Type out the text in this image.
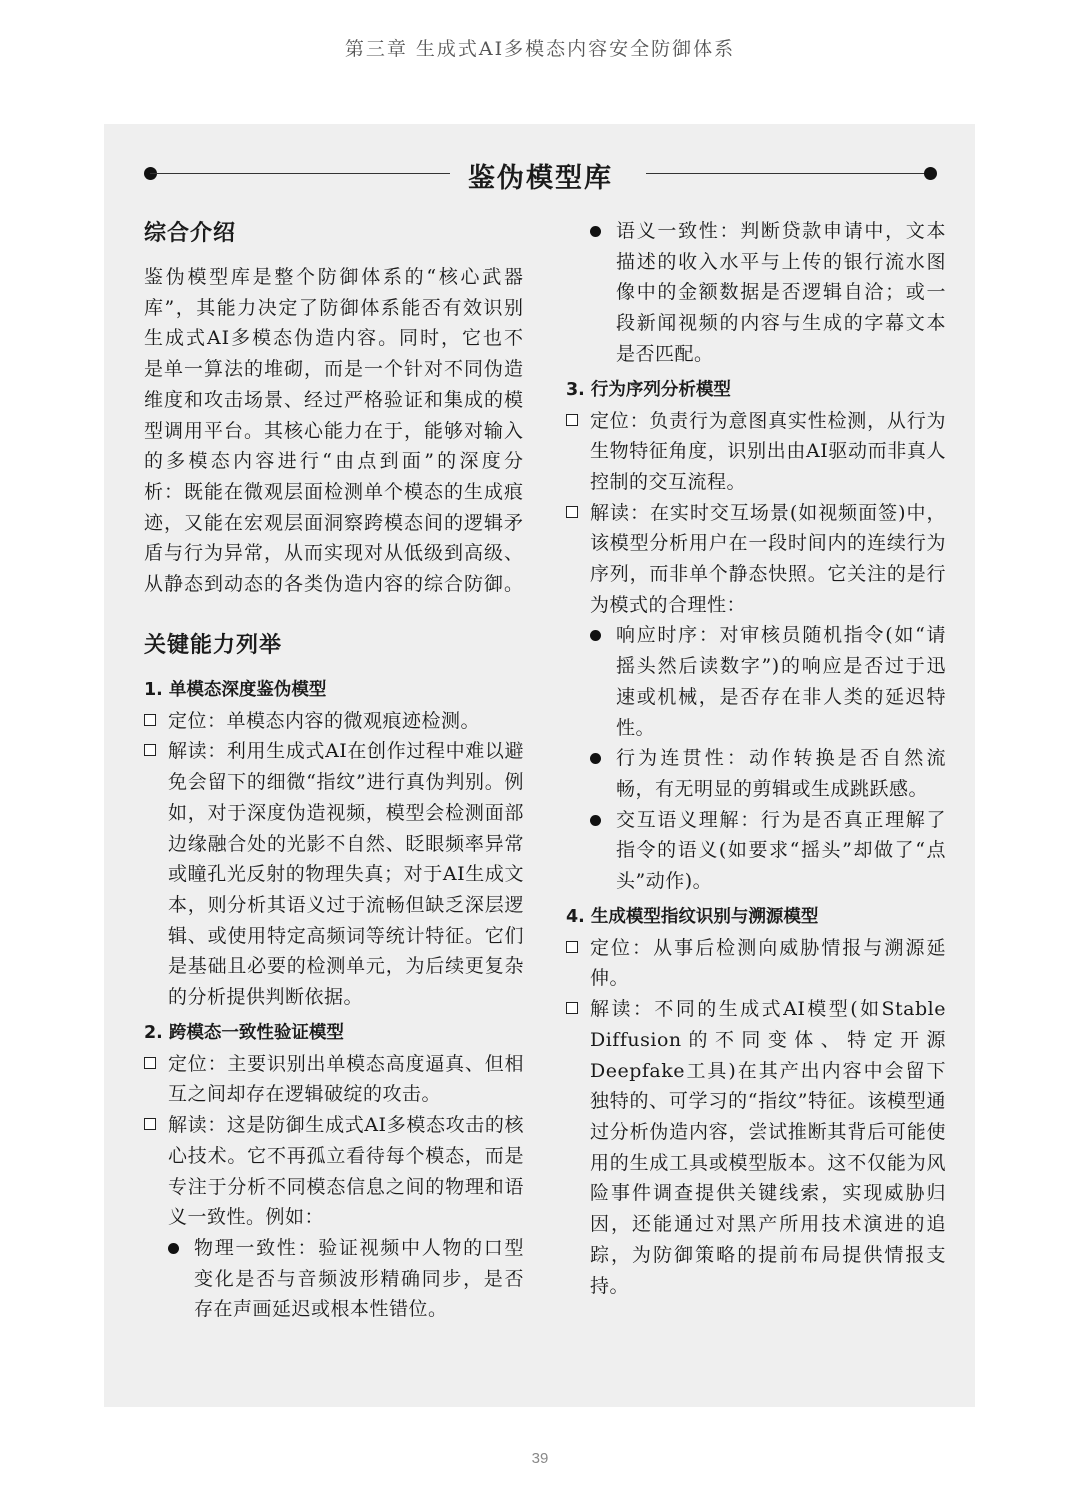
第三章 生成式AI多模态内容安全防御体系
鉴伪模型库
综合介绍

鉴伪模型库是整个防御体系的“核心武器库”，其能力决定了防御体系能否有效识别生成式AI多模态伪造内容。同时，它也不是单一算法的堆砌，而是一个针对不同伪造维度和攻击场景、经过严格验证和集成的模型调用平台。其核心能力在于，能够对输入的多模态内容进行“由点到面”的深度分析：既能在微观层面检测单个模态的生成痕迹，又能在宏观层面洞察跨模态间的逻辑矛盾与行为异常，从而实现对从低级到高级、从静态到动态的各类伪造内容的综合防御。

关键能力列举
1. 单模态深度鉴伪模型
定位：单模态内容的微观痕迹检测。
解读：利用生成式AI在创作过程中难以避免会留下的细微“指纹”进行真伪判别。例如，对于深度伪造视频，模型会检测面部边缘融合处的光影不自然、眨眼频率异常或瞳孔光反射的物理失真；对于AI生成文本，则分析其语义过于流畅但缺乏深层逻辑、或使用特定高频词等统计特征。它们是基础且必要的检测单元，为后续更复杂的分析提供判断依据。
2. 跨模态一致性验证模型
定位：主要识别出单模态高度逼真、但相互之间却存在逻辑破绽的攻击。
解读：这是防御生成式AI多模态攻击的核心技术。它不再孤立看待每个模态，而是专注于分析不同模态信息之间的物理和语义一致性。例如：
物理一致性：验证视频中人物的口型变化是否与音频波形精确同步，是否存在声画延迟或根本性错位。
语义一致性：判断贷款申请中，文本描述的收入水平与上传的银行流水图像中的金额数据是否逻辑自洽；或一段新闻视频的内容与生成的字幕文本是否匹配。
3. 行为序列分析模型
定位：负责行为意图真实性检测，从行为生物特征角度，识别出由AI驱动而非真人控制的交互流程。
解读：在实时交互场景(如视频面签)中，该模型分析用户在一段时间内的连续行为序列，而非单个静态快照。它关注的是行为模式的合理性：
响应时序：对审核员随机指令(如“请摇头然后读数字”)的响应是否过于迅速或机械，是否存在非人类的延迟特性。
行为连贯性：动作转换是否自然流畅，有无明显的剪辑或生成跳跃感。
交互语义理解：行为是否真正理解了指令的语义(如要求“摇头”却做了“点头”动作)。
4. 生成模型指纹识别与溯源模型
定位：从事后检测向威胁情报与溯源延伸。
解读：不同的生成式AI模型(如Stable Diffusion的不同变体、特定开源Deepfake工具)在其产出内容中会留下独特的、可学习的“指纹”特征。该模型通过分析伪造内容，尝试推断其背后可能使用的生成工具或模型版本。这不仅能为风险事件调查提供关键线索，实现威胁归因，还能通过对黑产所用技术演进的追踪，为防御策略的提前布局提供情报支持。
39
